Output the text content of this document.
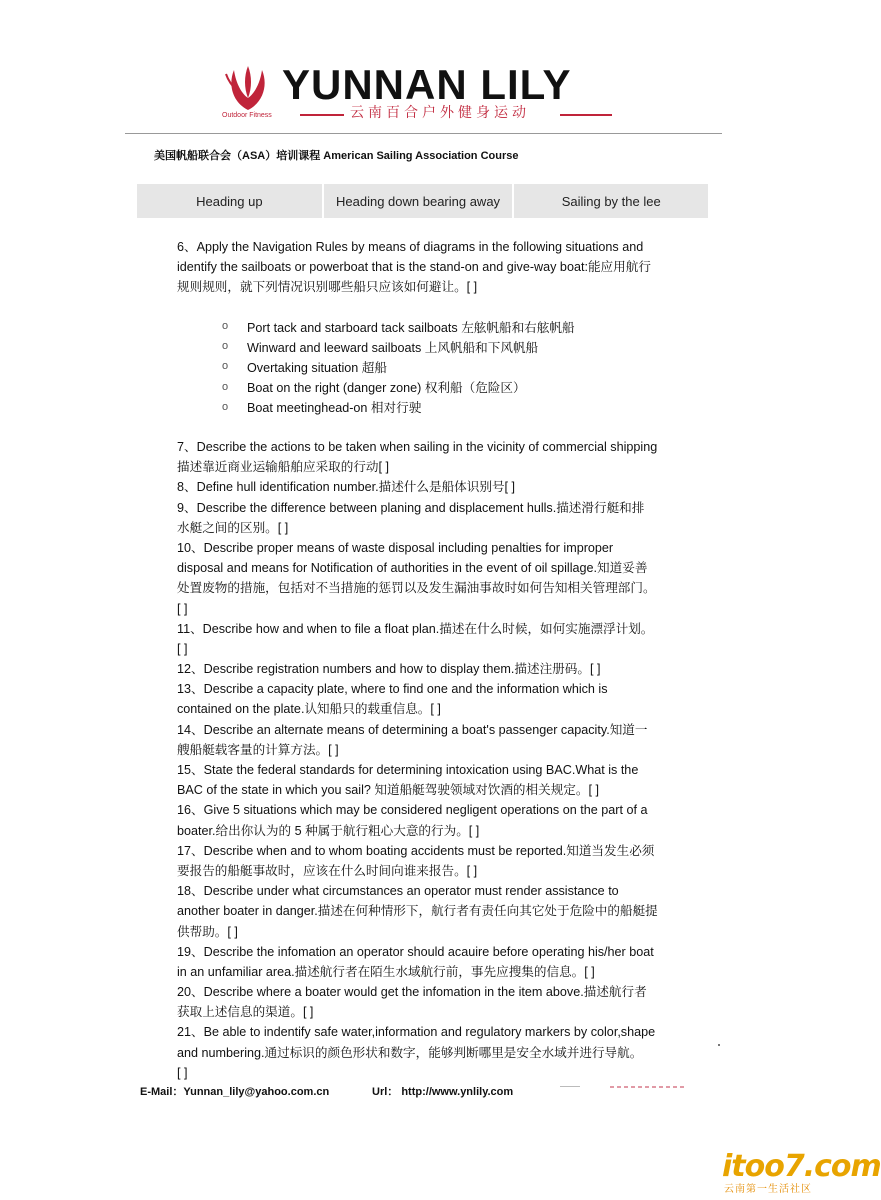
YUNNAN LILY
Outdoor Fitness	云南百合户外健身运动
美国帆船联合会（ASA）培训课程 American Sailing Association Course
Heading up	Heading down bearing away	Sailing by the lee
6、Apply the Navigation Rules by means of diagrams in the following situations and
identify the sailboats or powerboat that is the stand-on and give-way boat:能应用航行
规则规则，就下列情况识别哪些船只应该如何避让。[ ]
o	Port tack and starboard tack sailboats 左舷帆船和右舷帆船
o	Winward and leeward sailboats 上风帆船和下风帆船
o	Overtaking situation 超船
o	Boat on the right (danger zone) 权利船（危险区）
o	Boat meetinghead-on 相对行驶
7、Describe the actions to be taken when sailing in the vicinity of commercial shipping
描述靠近商业运输船舶应采取的行动[ ]
8、Define hull identification number.描述什么是船体识别号[ ]
9、Describe the difference between planing and displacement hulls.描述滑行艇和排
水艇之间的区别。[ ]
10、Describe proper means of waste disposal including penalties for improper
disposal and means for Notification of authorities in the event of oil spillage.知道妥善
处置废物的措施，包括对不当措施的惩罚以及发生漏油事故时如何告知相关管理部门。
[ ]
11、Describe how and when to file a float plan.描述在什么时候，如何实施漂浮计划。
[ ]
12、Describe registration numbers and how to display them.描述注册码。[ ]
13、Describe a capacity plate, where to find one and the information which is
contained on the plate.认知船只的载重信息。[ ]
14、Describe an alternate means of determining a boat's passenger capacity.知道一
艘船艇载客量的计算方法。[ ]
15、State the federal standards for determining intoxication using BAC.What is the
BAC of the state in which you sail? 知道船艇驾驶领域对饮酒的相关规定。[ ]
16、Give 5 situations which may be considered negligent operations on the part of a
boater.给出你认为的 5 种属于航行粗心大意的行为。[ ]
17、Describe when and to whom boating accidents must be reported.知道当发生必须
要报告的船艇事故时，应该在什么时间向谁来报告。[ ]
18、Describe under what circumstances an operator must render assistance to
another boater in danger.描述在何种情形下，航行者有责任向其它处于危险中的船艇提
供帮助。[ ]
19、Describe the infomation an operator should acauire before operating his/her boat
in an unfamiliar area.描述航行者在陌生水域航行前，事先应搜集的信息。[ ]
20、Describe where a boater would get the infomation in the item above.描述航行者
获取上述信息的渠道。[ ]
21、Be able to indentify safe water,information and regulatory markers by color,shape
and numbering.通过标识的颜色形状和数字，能够判断哪里是安全水域并进行导航。
[ ]
E-Mail：Yunnan_lily@yahoo.com.cn	Url： http://www.ynlily.com
itoo7.com
云南第一生活社区
